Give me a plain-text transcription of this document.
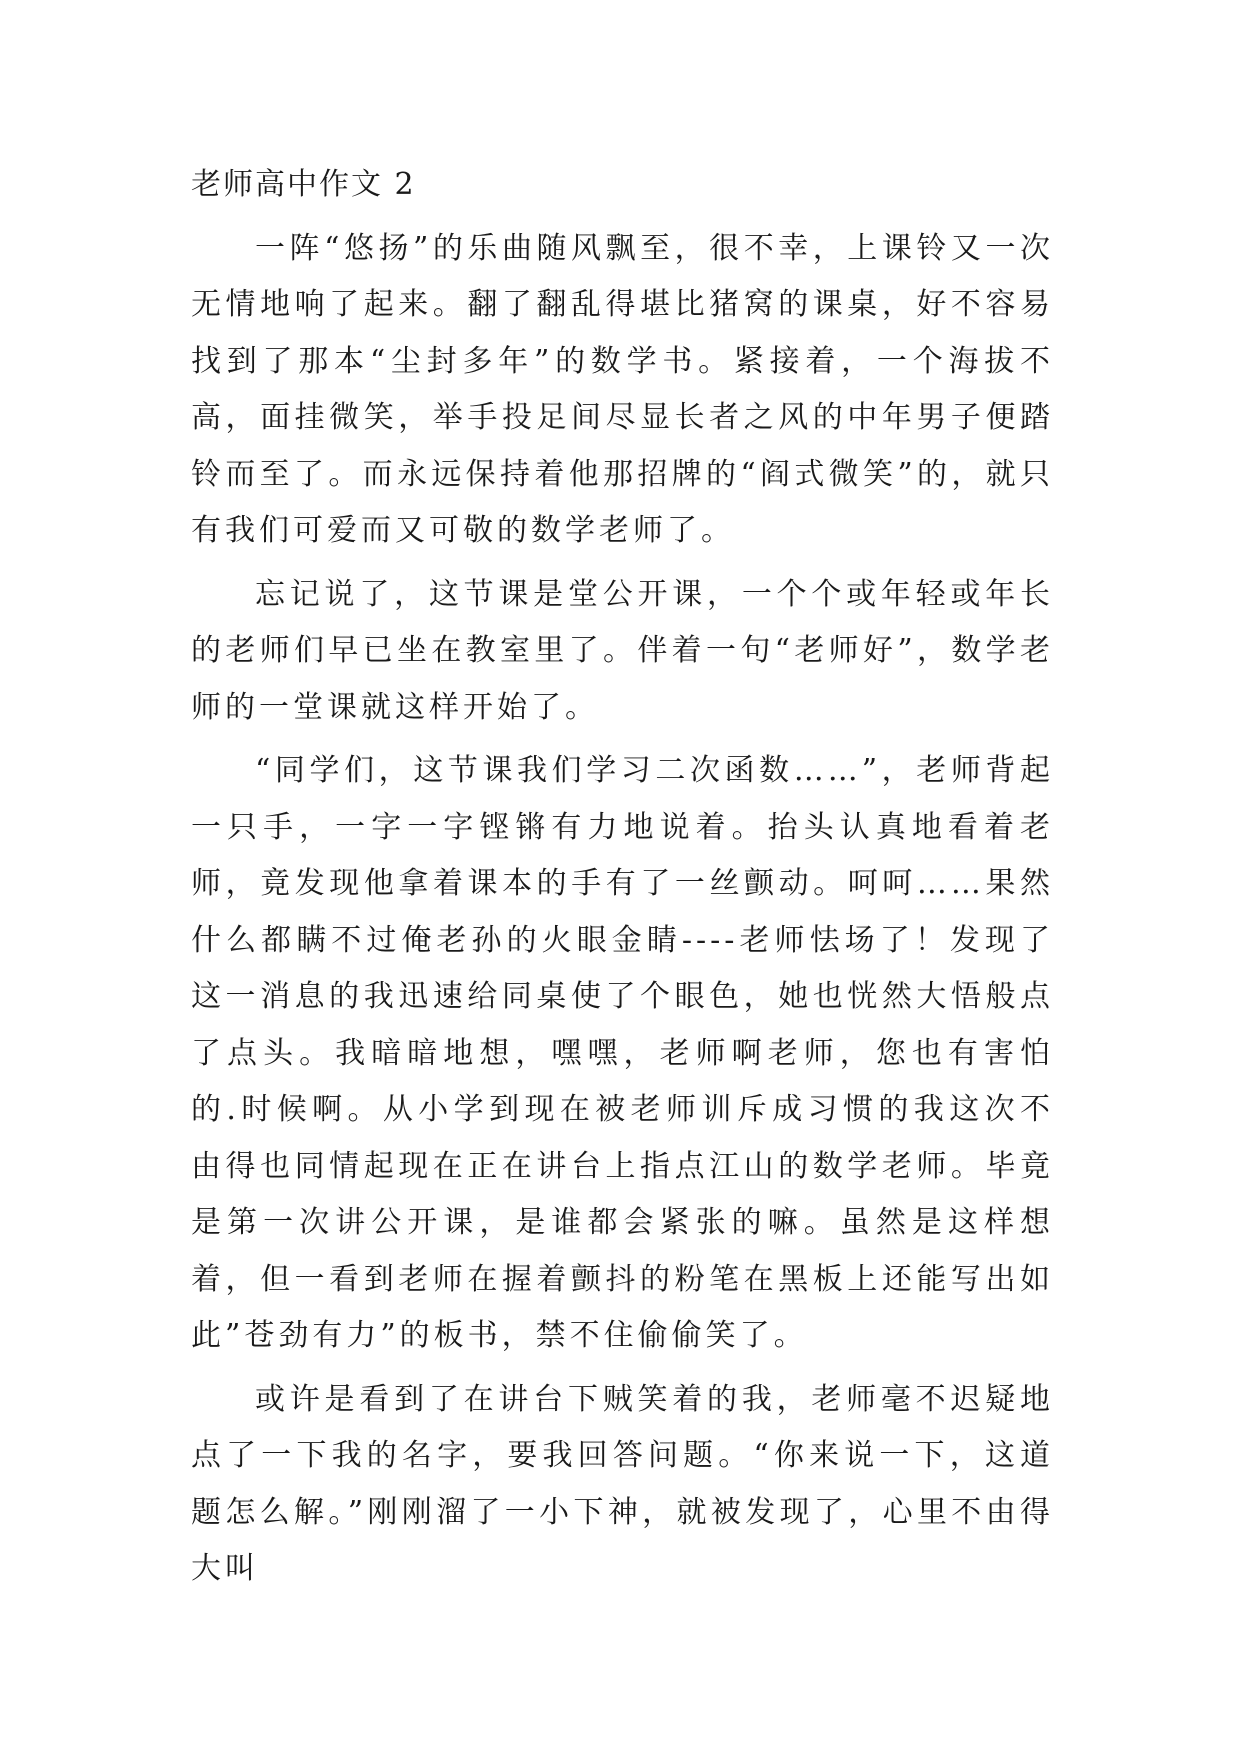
老师高中作文 2

一阵“悠扬”的乐曲随风飘至，很不幸，上课铃又一次无情地响了起来。翻了翻乱得堪比猪窝的课桌，好不容易找到了那本“尘封多年”的数学书。紧接着，一个海拔不高，面挂微笑，举手投足间尽显长者之风的中年男子便踏铃而至了。而永远保持着他那招牌的“阎式微笑”的，就只有我们可爱而又可敬的数学老师了。

忘记说了，这节课是堂公开课，一个个或年轻或年长的老师们早已坐在教室里了。伴着一句“老师好”，数学老师的一堂课就这样开始了。

“同学们，这节课我们学习二次函数……”，老师背起一只手，一字一字铿锵有力地说着。抬头认真地看着老师，竟发现他拿着课本的手有了一丝颤动。呵呵……果然什么都瞒不过俺老孙的火眼金睛----老师怯场了！发现了这一消息的我迅速给同桌使了个眼色，她也恍然大悟般点了点头。我暗暗地想，嘿嘿，老师啊老师，您也有害怕的.时候啊。从小学到现在被老师训斥成习惯的我这次不由得也同情起现在正在讲台上指点江山的数学老师。毕竟是第一次讲公开课，是谁都会紧张的嘛。虽然是这样想着，但一看到老师在握着颤抖的粉笔在黑板上还能写出如此”苍劲有力”的板书，禁不住偷偷笑了。

或许是看到了在讲台下贼笑着的我，老师毫不迟疑地点了一下我的名字，要我回答问题。“你来说一下，这道题怎么解。”刚刚溜了一小下神，就被发现了，心里不由得大叫
